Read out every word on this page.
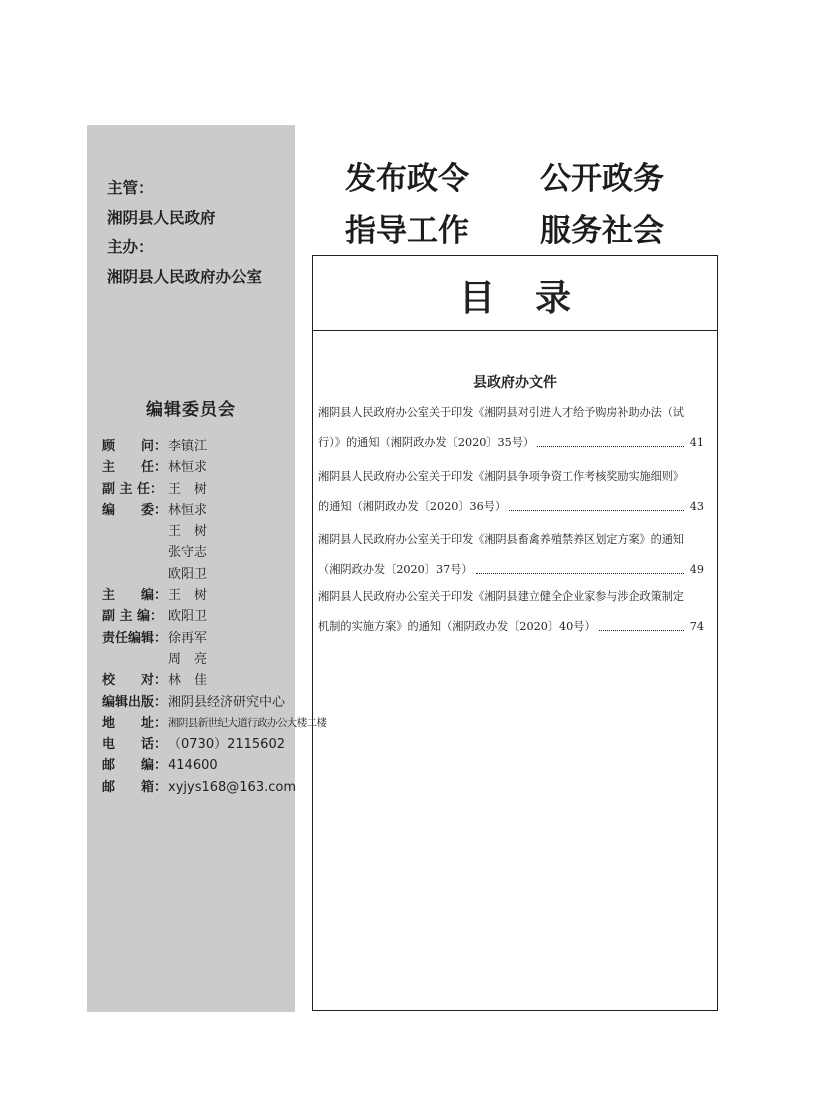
主管：
湘阴县人民政府
主办：
湘阴县人民政府办公室
编辑委员会
顾　　问： 李镇江
主　　任： 林恒求
副 主 任： 王　树
编　　委： 林恒求
王　树
张守志
欧阳卫
主　　编： 王　树
副 主 编： 欧阳卫
责任编辑： 徐再军
周　亮
校　　对： 林　佳
编辑出版： 湘阴县经济研究中心
地　　址： 湘阴县新世纪大道行政办公大楼二楼
电　　话： （0730）2115602
邮　　编： 414600
邮　　箱： xyjys168@163.com
发布政令 公开政务
指导工作 服务社会
目录
县政府办文件
湘阴县人民政府办公室关于印发《湘阴县对引进人才给予购房补助办法（试
行）》的通知（湘阴政办发〔2020〕35号）	41
湘阴县人民政府办公室关于印发《湘阴县争项争资工作考核奖励实施细则》
的通知（湘阴政办发〔2020〕36号）	43
湘阴县人民政府办公室关于印发《湘阴县畜禽养殖禁养区划定方案》的通知
（湘阴政办发〔2020〕37号）	49
湘阴县人民政府办公室关于印发《湘阴县建立健全企业家参与涉企政策制定
机制的实施方案》的通知（湘阴政办发〔2020〕40号）	74
